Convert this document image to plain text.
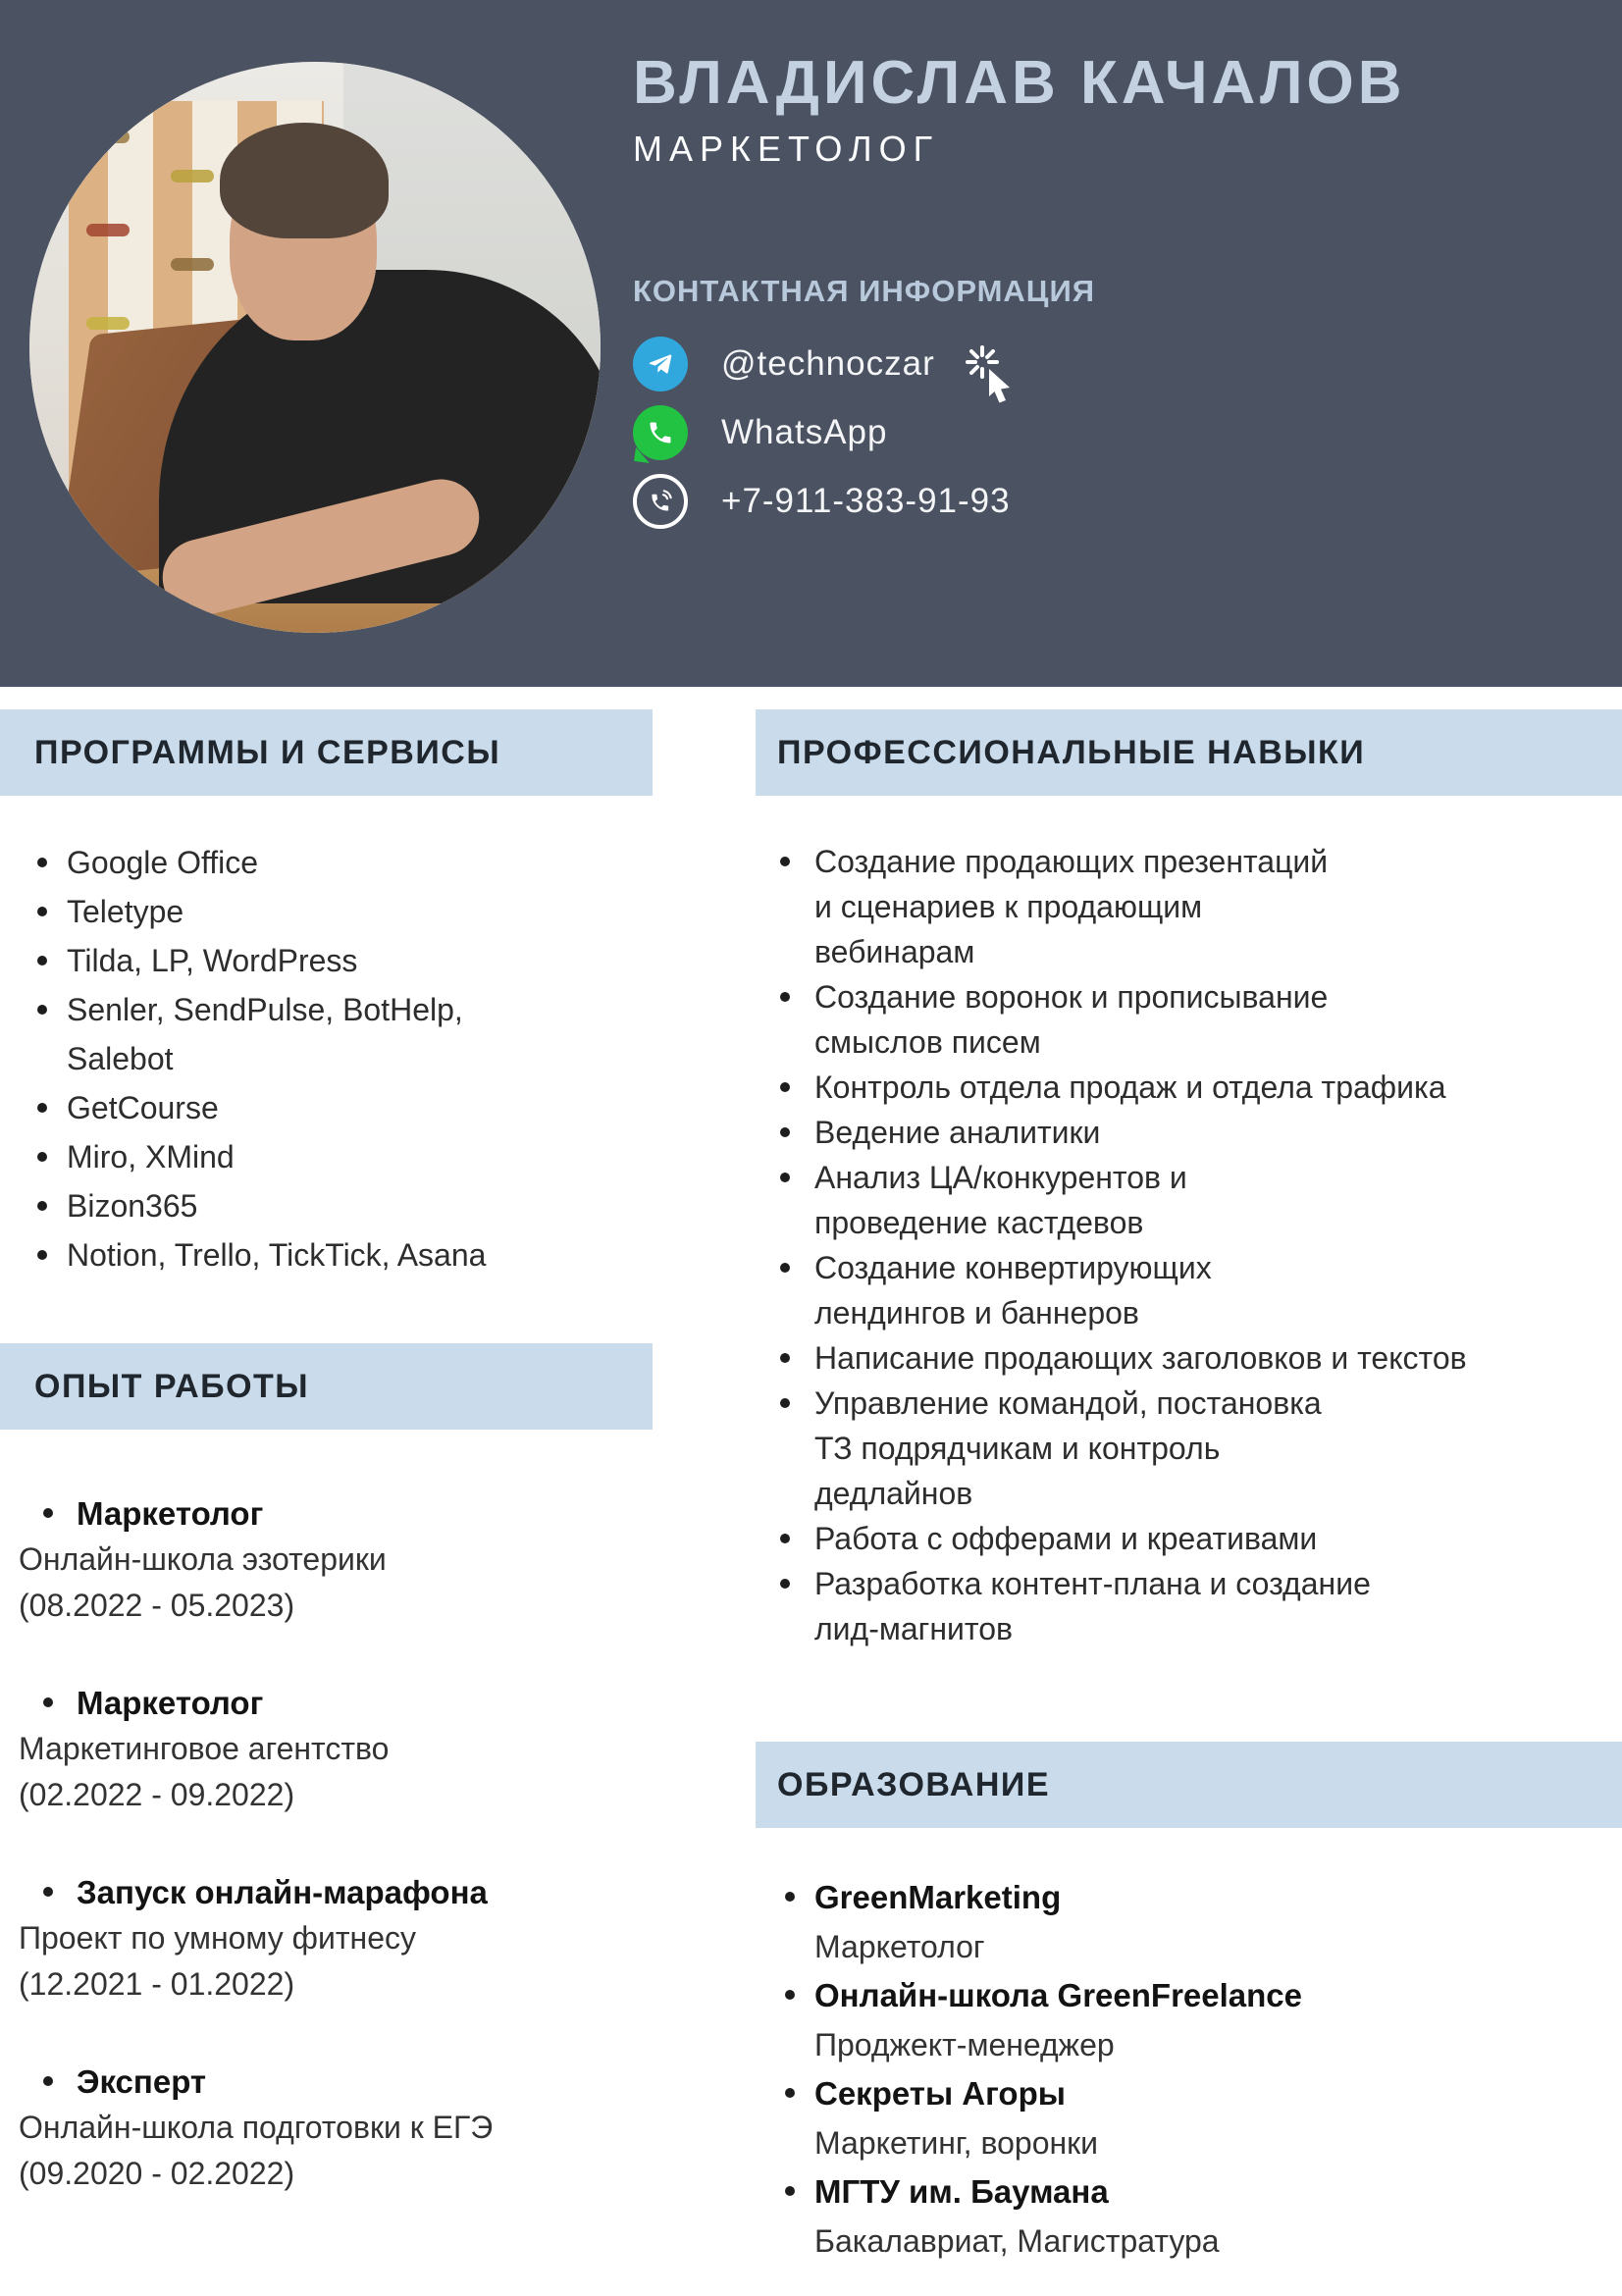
ВЛАДИСЛАВ КАЧАЛОВ
МАРКЕТОЛОГ
КОНТАКТНАЯ ИНФОРМАЦИЯ
@technoczar
WhatsApp
+7-911-383-91-93
ПРОГРАММЫ И СЕРВИСЫ
Google Office
Teletype
Tilda, LP, WordPress
Senler, SendPulse, BotHelp, Salebot
GetCourse
Miro, XMind
Bizon365
Notion, Trello, TickTick, Asana
ОПЫТ РАБОТЫ
Маркетолог
Онлайн-школа эзотерики
(08.2022 - 05.2023)
Маркетолог
Маркетинговое агентство
(02.2022 - 09.2022)
Запуск онлайн-марафона
Проект по умному фитнесу
(12.2021 - 01.2022)
Эксперт
Онлайн-школа подготовки к ЕГЭ
(09.2020 - 02.2022)
ПРОФЕССИОНАЛЬНЫЕ НАВЫКИ
Создание продающих презентаций и сценариев к продающим вебинарам
Создание воронок и прописывание смыслов писем
Контроль отдела продаж и отдела трафика
Ведение аналитики
Анализ ЦА/конкурентов и проведение кастдевов
Создание конвертирующих лендингов и баннеров
Написание продающих заголовков и текстов
Управление командой, постановка ТЗ подрядчикам и контроль дедлайнов
Работа с офферами и креативами
Разработка контент-плана и создание лид-магнитов
ОБРАЗОВАНИЕ
GreenMarketing
Маркетолог
Онлайн-школа GreenFreelance
Проджект-менеджер
Секреты Агоры
Маркетинг, воронки
МГТУ им. Баумана
Бакалавриат, Магистратура
